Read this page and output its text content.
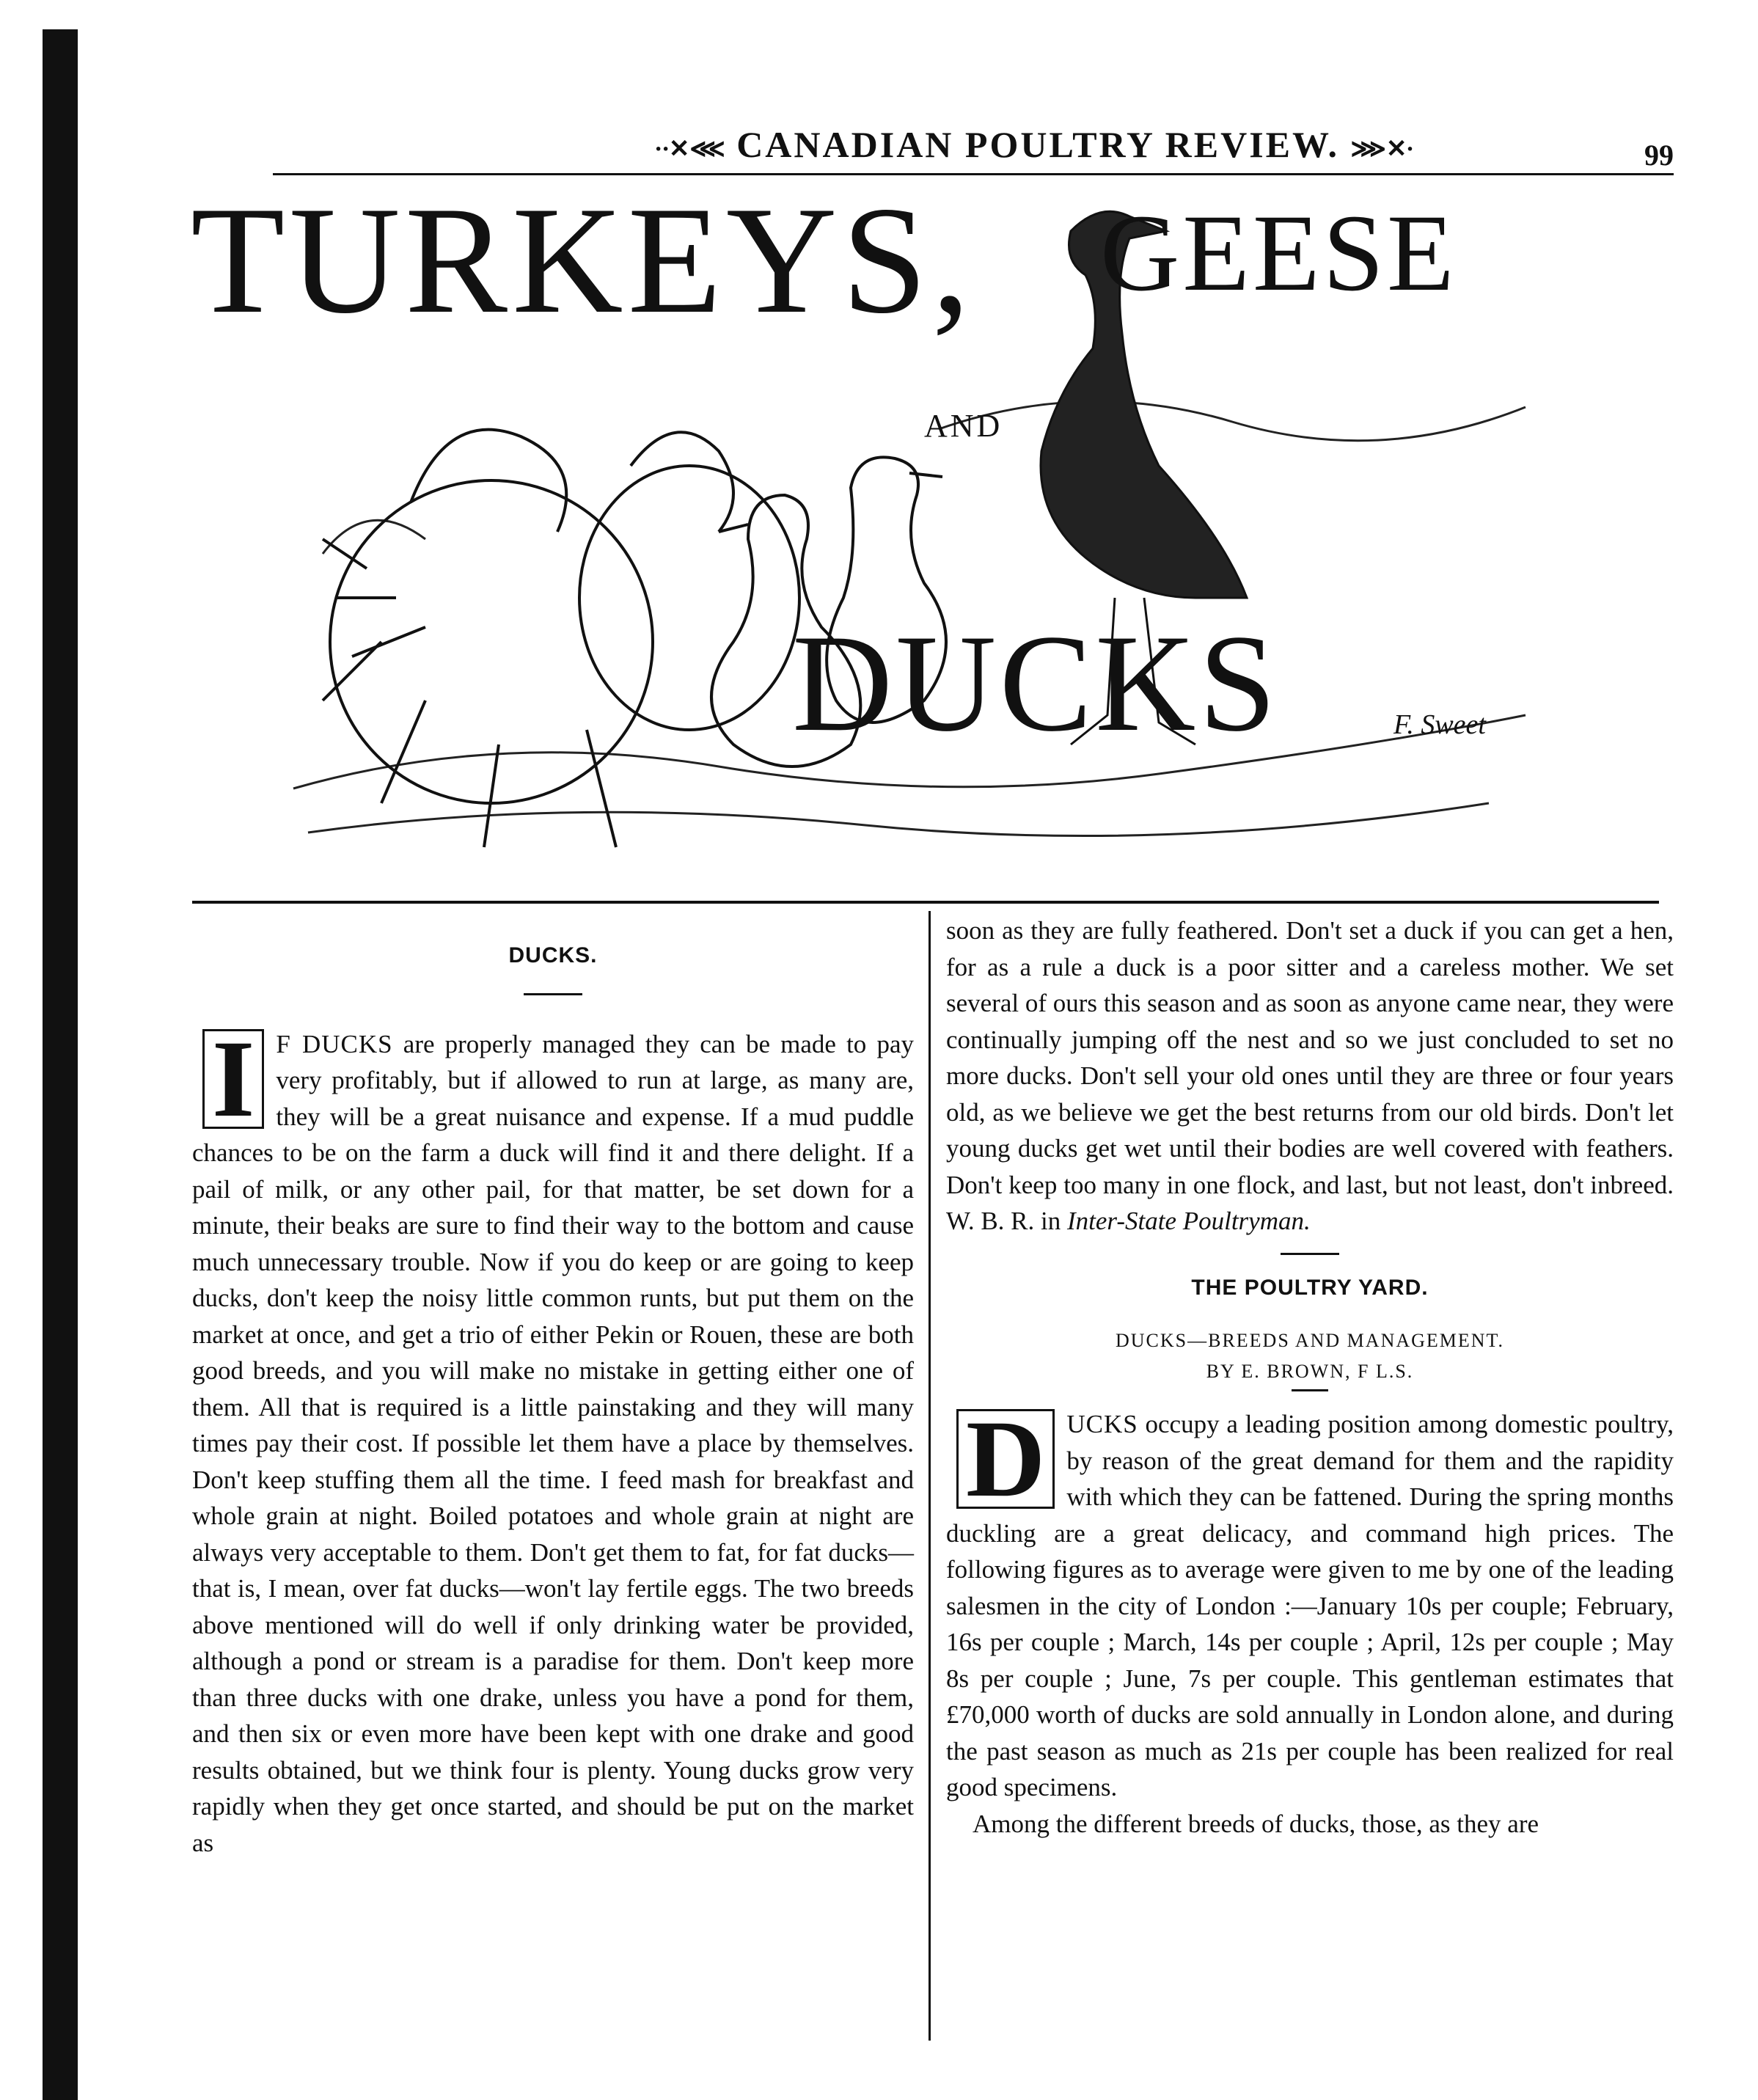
·∙✕⋘ CANADIAN POULTRY REVIEW. ⋙✕∙	99
TURKEYS, GEESE
AND
DUCKS	F. Sweet
DUCKS.

I F DUCKS are properly managed they can be made to pay very profitably, but if allowed to run at large, as many are, they will be a great nuisance and expense. If a mud puddle chances to be on the farm a duck will find it and there delight. If a pail of milk, or any other pail, for that matter, be set down for a minute, their beaks are sure to find their way to the bottom and cause much unnecessary trouble. Now if you do keep or are going to keep ducks, don't keep the noisy little common runts, but put them on the market at once, and get a trio of either Pekin or Rouen, these are both good breeds, and you will make no mistake in getting either one of them. All that is required is a little painstaking and they will many times pay their cost. If possible let them have a place by themselves. Don't keep stuffing them all the time. I feed mash for breakfast and whole grain at night. Boiled potatoes and whole grain at night are always very acceptable to them. Don't get them to fat, for fat ducks—that is, I mean, over fat ducks—won't lay fertile eggs. The two breeds above mentioned will do well if only drinking water be provided, although a pond or stream is a paradise for them. Don't keep more than three ducks with one drake, unless you have a pond for them, and then six or even more have been kept with one drake and good results obtained, but we think four is plenty. Young ducks grow very rapidly when they get once started, and should be put on the market as

soon as they are fully feathered. Don't set a duck if you can get a hen, for as a rule a duck is a poor sitter and a careless mother. We set several of ours this season and as soon as anyone came near, they were continually jumping off the nest and so we just concluded to set no more ducks. Don't sell your old ones until they are three or four years old, as we believe we get the best returns from our old birds. Don't let young ducks get wet until their bodies are well covered with feathers. Don't keep too many in one flock, and last, but not least, don't inbreed. W. B. R. in Inter-State Poultryman.

THE POULTRY YARD.
DUCKS—BREEDS AND MANAGEMENT.
BY E. BROWN, F L.S.

D UCKS occupy a leading position among domestic poultry, by reason of the great demand for them and the rapidity with which they can be fattened. During the spring months duckling are a great delicacy, and command high prices. The following figures as to average were given to me by one of the leading salesmen in the city of London :—January 10s per couple; February, 16s per couple ; March, 14s per couple ; April, 12s per couple ; May 8s per couple ; June, 7s per couple. This gentleman estimates that £70,000 worth of ducks are sold annually in London alone, and during the past season as much as 21s per couple has been realized for real good specimens.

Among the different breeds of ducks, those, as they are
